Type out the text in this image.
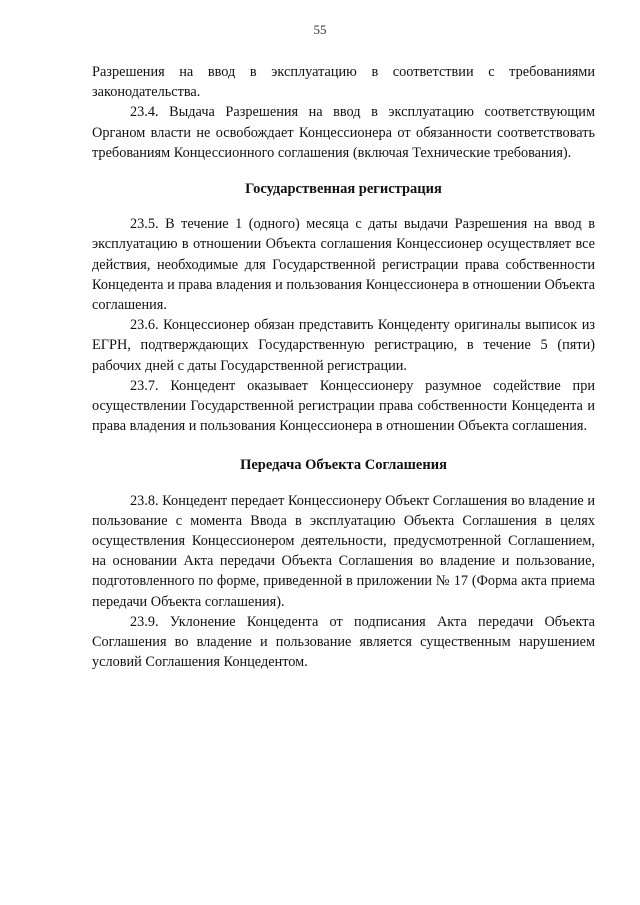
55

Разрешения на ввод в эксплуатацию в соответствии с требованиями законодательства.

23.4. Выдача Разрешения на ввод в эксплуатацию соответствующим Органом власти не освобождает Концессионера от обязанности соответствовать требованиям Концессионного соглашения (включая Технические требования).

Государственная регистрация

23.5. В течение 1 (одного) месяца с даты выдачи Разрешения на ввод в эксплуатацию в отношении Объекта соглашения Концессионер осуществляет все действия, необходимые для Государственной регистрации права собственности Концедента и права владения и пользования Концессионера в отношении Объекта соглашения.

23.6. Концессионер обязан представить Концеденту оригиналы выписок из ЕГРН, подтверждающих Государственную регистрацию, в течение 5 (пяти) рабочих дней с даты Государственной регистрации.

23.7. Концедент оказывает Концессионеру разумное содействие при осуществлении Государственной регистрации права собственности Концедента и права владения и пользования Концессионера в отношении Объекта соглашения.

Передача Объекта Соглашения

23.8. Концедент передает Концессионеру Объект Соглашения во владение и пользование с момента Ввода в эксплуатацию Объекта Соглашения в целях осуществления Концессионером деятельности, предусмотренной Соглашением, на основании Акта передачи Объекта Соглашения во владение и пользование, подготовленного по форме, приведенной в приложении № 17 (Форма акта приема передачи Объекта соглашения).

23.9. Уклонение Концедента от подписания Акта передачи Объекта Соглашения во владение и пользование является существенным нарушением условий Соглашения Концедентом.
